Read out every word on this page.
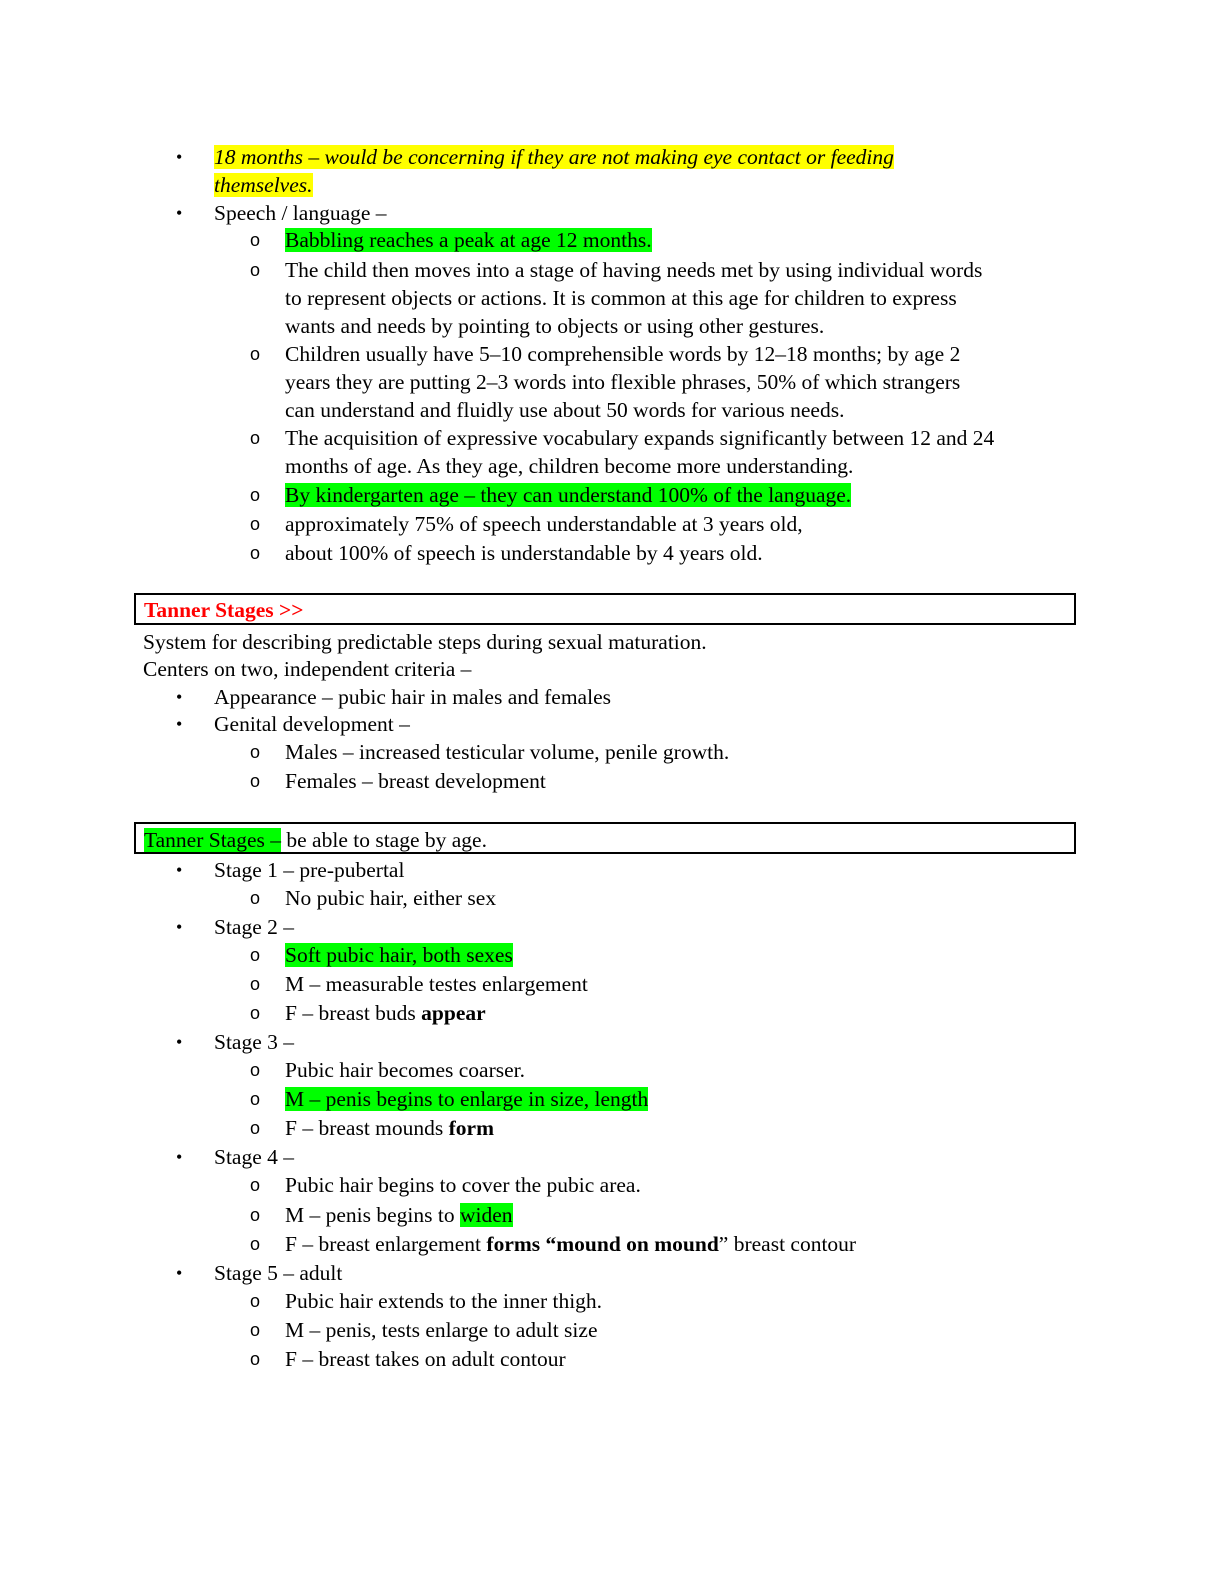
• 18 months – would be concerning if they are not making eye contact or feeding
themselves.
• Speech / language –
o Babbling reaches a peak at age 12 months.
o The child then moves into a stage of having needs met by using individual words
to represent objects or actions. It is common at this age for children to express
wants and needs by pointing to objects or using other gestures.
o Children usually have 5–10 comprehensible words by 12–18 months; by age 2
years they are putting 2–3 words into flexible phrases, 50% of which strangers
can understand and fluidly use about 50 words for various needs.
o The acquisition of expressive vocabulary expands significantly between 12 and 24
months of age. As they age, children become more understanding.
o By kindergarten age – they can understand 100% of the language.
o approximately 75% of speech understandable at 3 years old,
o about 100% of speech is understandable by 4 years old.
Tanner Stages >>
System for describing predictable steps during sexual maturation.
Centers on two, independent criteria –
• Appearance – pubic hair in males and females
• Genital development –
o Males – increased testicular volume, penile growth.
o Females – breast development
Tanner Stages – be able to stage by age.
• Stage 1 – pre-pubertal
o No pubic hair, either sex
• Stage 2 –
o Soft pubic hair, both sexes
o M – measurable testes enlargement
o F – breast buds appear
• Stage 3 –
o Pubic hair becomes coarser.
o M – penis begins to enlarge in size, length
o F – breast mounds form
• Stage 4 –
o Pubic hair begins to cover the pubic area.
o M – penis begins to widen
o F – breast enlargement forms “mound on mound” breast contour
• Stage 5 – adult
o Pubic hair extends to the inner thigh.
o M – penis, tests enlarge to adult size
o F – breast takes on adult contour
